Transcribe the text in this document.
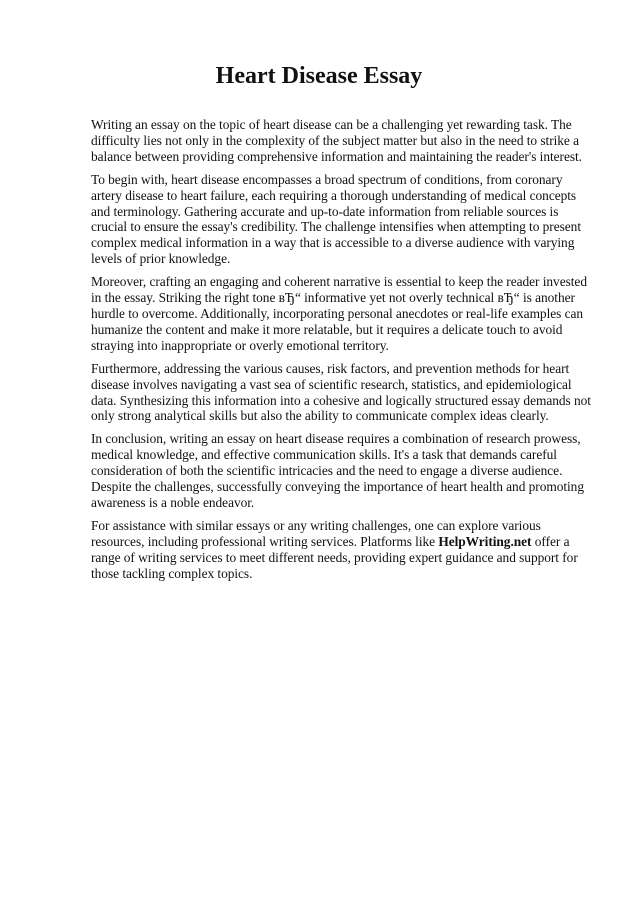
Heart Disease Essay

Writing an essay on the topic of heart disease can be a challenging yet rewarding task. The difficulty lies not only in the complexity of the subject matter but also in the need to strike a balance between providing comprehensive information and maintaining the reader's interest.

To begin with, heart disease encompasses a broad spectrum of conditions, from coronary artery disease to heart failure, each requiring a thorough understanding of medical concepts and terminology. Gathering accurate and up-to-date information from reliable sources is crucial to ensure the essay's credibility. The challenge intensifies when attempting to present complex medical information in a way that is accessible to a diverse audience with varying levels of prior knowledge.

Moreover, crafting an engaging and coherent narrative is essential to keep the reader invested in the essay. Striking the right tone вЂ“ informative yet not overly technical вЂ“ is another hurdle to overcome. Additionally, incorporating personal anecdotes or real-life examples can humanize the content and make it more relatable, but it requires a delicate touch to avoid straying into inappropriate or overly emotional territory.

Furthermore, addressing the various causes, risk factors, and prevention methods for heart disease involves navigating a vast sea of scientific research, statistics, and epidemiological data. Synthesizing this information into a cohesive and logically structured essay demands not only strong analytical skills but also the ability to communicate complex ideas clearly.

In conclusion, writing an essay on heart disease requires a combination of research prowess, medical knowledge, and effective communication skills. It's a task that demands careful consideration of both the scientific intricacies and the need to engage a diverse audience. Despite the challenges, successfully conveying the importance of heart health and promoting awareness is a noble endeavor.

For assistance with similar essays or any writing challenges, one can explore various resources, including professional writing services. Platforms like HelpWriting.net offer a range of writing services to meet different needs, providing expert guidance and support for those tackling complex topics.
